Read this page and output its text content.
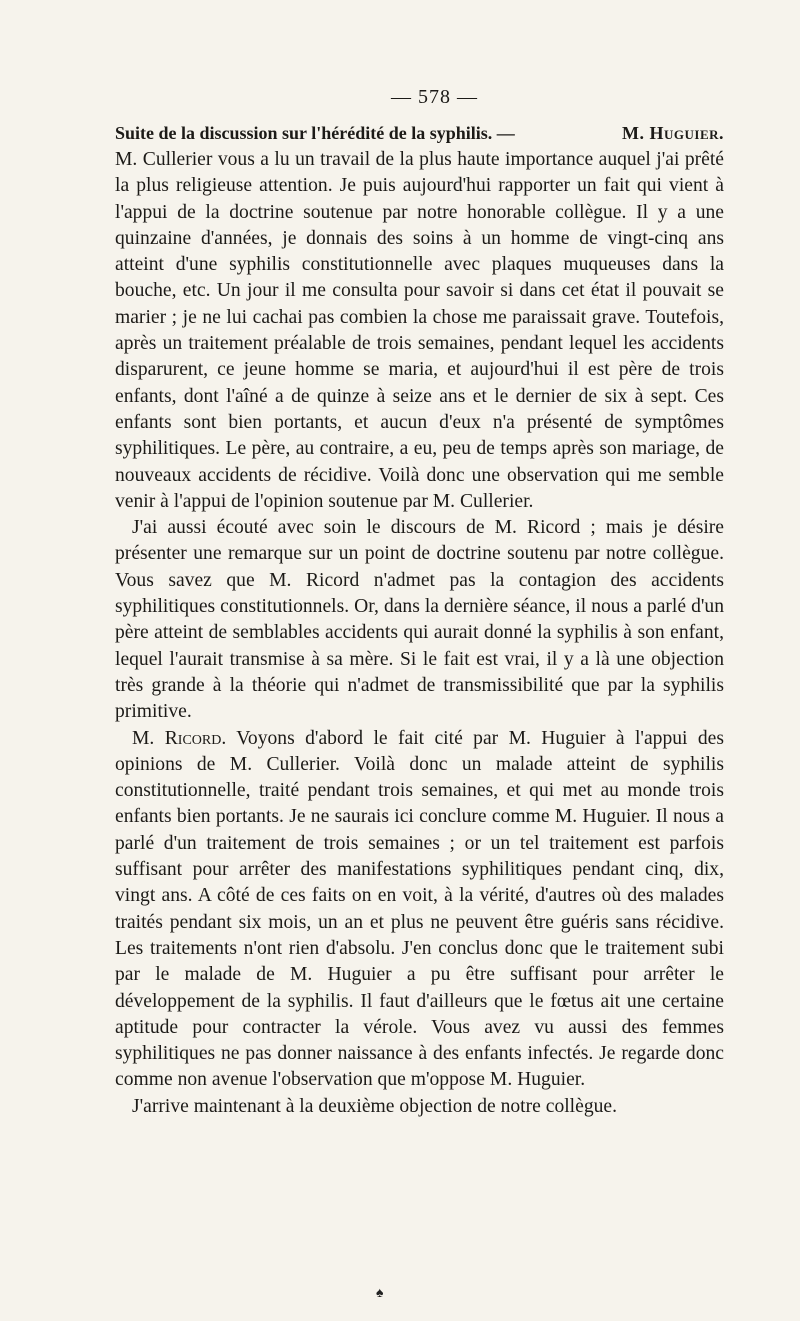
— 578 —
Suite de la discussion sur l'hérédité de la syphilis. —	M. Huguier.

M. Cullerier vous a lu un travail de la plus haute importance auquel j'ai prêté la plus religieuse attention. Je puis aujourd'hui rapporter un fait qui vient à l'appui de la doctrine soutenue par notre honorable collègue. Il y a une quinzaine d'années, je donnais des soins à un homme de vingt-cinq ans atteint d'une syphilis constitutionnelle avec plaques muqueuses dans la bouche, etc. Un jour il me consulta pour savoir si dans cet état il pouvait se marier ; je ne lui cachai pas combien la chose me paraissait grave. Toutefois, après un traitement préalable de trois semaines, pendant lequel les accidents disparurent, ce jeune homme se maria, et aujourd'hui il est père de trois enfants, dont l'aîné a de quinze à seize ans et le dernier de six à sept. Ces enfants sont bien portants, et aucun d'eux n'a présenté de symptômes syphilitiques. Le père, au contraire, a eu, peu de temps après son mariage, de nouveaux accidents de récidive. Voilà donc une observation qui me semble venir à l'appui de l'opinion soutenue par M. Cullerier.

J'ai aussi écouté avec soin le discours de M. Ricord ; mais je désire présenter une remarque sur un point de doctrine soutenu par notre collègue. Vous savez que M. Ricord n'admet pas la contagion des accidents syphilitiques constitutionnels. Or, dans la dernière séance, il nous a parlé d'un père atteint de semblables accidents qui aurait donné la syphilis à son enfant, lequel l'aurait transmise à sa mère. Si le fait est vrai, il y a là une objection très grande à la théorie qui n'admet de transmissibilité que par la syphilis primitive.

M. Ricord. Voyons d'abord le fait cité par M. Huguier à l'appui des opinions de M. Cullerier. Voilà donc un malade atteint de syphilis constitutionnelle, traité pendant trois semaines, et qui met au monde trois enfants bien portants. Je ne saurais ici conclure comme M. Huguier. Il nous a parlé d'un traitement de trois semaines ; or un tel traitement est parfois suffisant pour arrêter des manifestations syphilitiques pendant cinq, dix, vingt ans. A côté de ces faits on en voit, à la vérité, d'autres où des malades traités pendant six mois, un an et plus ne peuvent être guéris sans récidive. Les traitements n'ont rien d'absolu. J'en conclus donc que le traitement subi par le malade de M. Huguier a pu être suffisant pour arrêter le développement de la syphilis. Il faut d'ailleurs que le fœtus ait une certaine aptitude pour contracter la vérole. Vous avez vu aussi des femmes syphilitiques ne pas donner naissance à des enfants infectés. Je regarde donc comme non avenue l'observation que m'oppose M. Huguier.

J'arrive maintenant à la deuxième objection de notre collègue.

♠
